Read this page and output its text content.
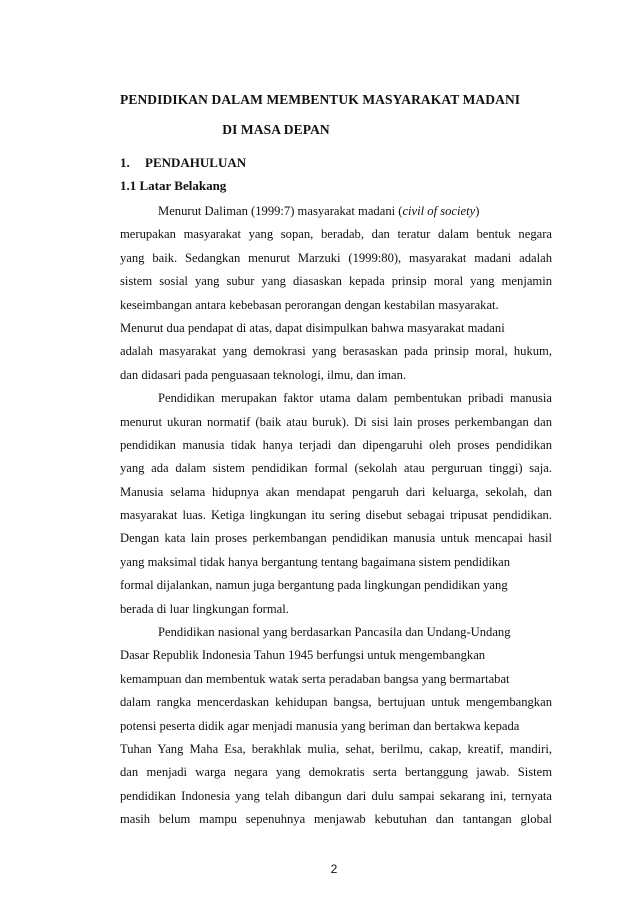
PENDIDIKAN DALAM MEMBENTUK MASYARAKAT MADANI
DI MASA DEPAN
1. PENDAHULUAN
1.1 Latar Belakang
Menurut Daliman (1999:7) masyarakat madani (civil of society)
merupakan masyarakat yang sopan, beradab, dan teratur dalam bentuk negara
yang baik. Sedangkan menurut Marzuki (1999:80), masyarakat madani adalah
sistem sosial yang subur yang diasaskan kepada prinsip moral yang menjamin
keseimbangan antara kebebasan perorangan dengan kestabilan masyarakat.
Menurut dua pendapat di atas, dapat disimpulkan bahwa masyarakat madani
adalah masyarakat yang demokrasi yang berasaskan pada prinsip moral, hukum,
dan didasari pada penguasaan teknologi, ilmu, dan iman.
Pendidikan merupakan faktor utama dalam pembentukan pribadi manusia
menurut ukuran normatif (baik atau buruk). Di sisi lain proses perkembangan dan
pendidikan manusia tidak hanya terjadi dan dipengaruhi oleh proses pendidikan
yang ada dalam sistem pendidikan formal (sekolah atau perguruan tinggi) saja.
Manusia selama hidupnya akan mendapat pengaruh dari keluarga, sekolah, dan
masyarakat luas. Ketiga lingkungan itu sering disebut sebagai tripusat pendidikan.
Dengan kata lain proses perkembangan pendidikan manusia untuk mencapai hasil
yang maksimal tidak hanya bergantung tentang bagaimana sistem pendidikan
formal dijalankan, namun juga bergantung pada lingkungan pendidikan yang
berada di luar lingkungan formal.
Pendidikan nasional yang berdasarkan Pancasila dan Undang-Undang
Dasar Republik Indonesia Tahun 1945 berfungsi untuk mengembangkan
kemampuan dan membentuk watak serta peradaban bangsa yang bermartabat
dalam rangka mencerdaskan kehidupan bangsa, bertujuan untuk mengembangkan
potensi peserta didik agar menjadi manusia yang beriman dan bertakwa kepada
Tuhan Yang Maha Esa, berakhlak mulia, sehat, berilmu, cakap, kreatif, mandiri,
dan menjadi warga negara yang demokratis serta bertanggung jawab. Sistem
pendidikan Indonesia yang telah dibangun dari dulu sampai sekarang ini, ternyata
masih belum mampu sepenuhnya menjawab kebutuhan dan tantangan global
2
